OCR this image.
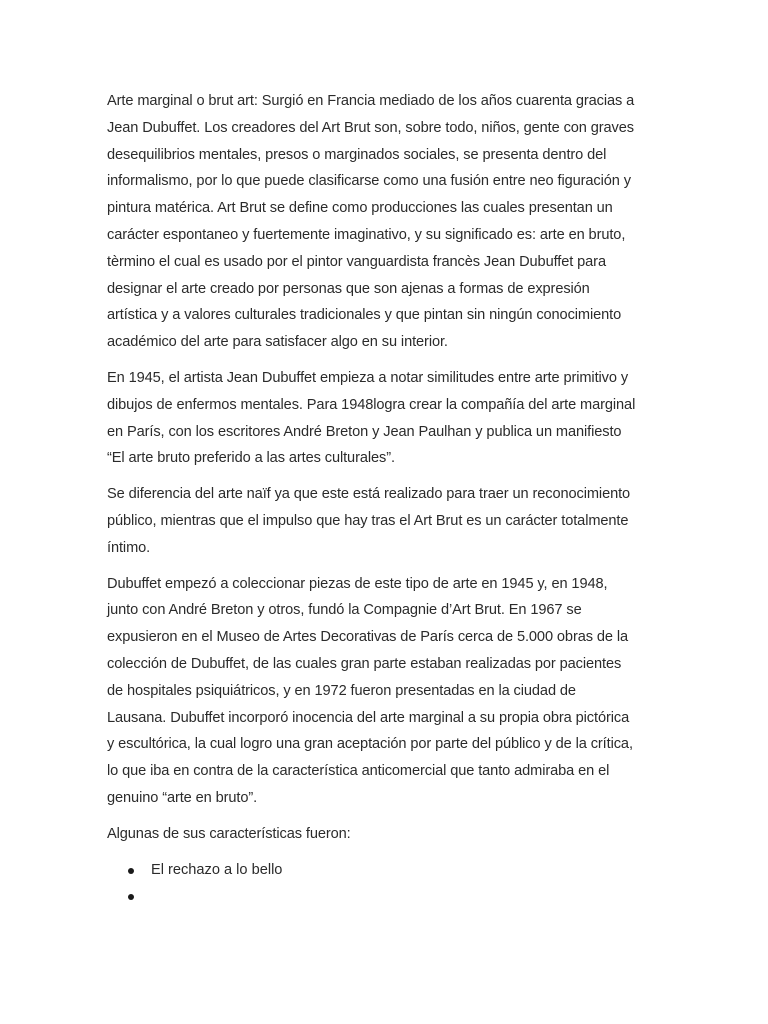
Arte marginal o brut art: Surgió en Francia mediado de los años cuarenta gracias a
Jean Dubuffet. Los creadores del Art Brut son, sobre todo, niños, gente con graves
desequilibrios mentales, presos o marginados sociales, se presenta dentro del
informalismo, por lo que puede clasificarse como una fusión entre neo figuración y
pintura matérica. Art Brut se define como producciones las cuales presentan un
carácter espontaneo y fuertemente imaginativo, y su significado es: arte en bruto,
tèrmino el cual es usado por el pintor vanguardista francès Jean Dubuffet para
designar el arte creado por personas que son ajenas a formas de expresión
artística y a valores culturales tradicionales y que pintan sin ningún conocimiento
académico del arte para satisfacer algo en su interior.

En 1945, el artista Jean Dubuffet empieza a notar similitudes entre arte primitivo y
dibujos de enfermos mentales. Para 1948logra crear la compañía del arte marginal
en París, con los escritores André Breton y Jean Paulhan y publica un manifiesto
“El arte bruto preferido a las artes culturales”.

Se diferencia del arte naïf ya que este está realizado para traer un reconocimiento
público, mientras que el impulso que hay tras el Art Brut es un carácter totalmente
íntimo.

Dubuffet empezó a coleccionar piezas de este tipo de arte en 1945 y, en 1948,
junto con André Breton y otros, fundó la Compagnie d’Art Brut. En 1967 se
expusieron en el Museo de Artes Decorativas de París cerca de 5.000 obras de la
colección de Dubuffet, de las cuales gran parte estaban realizadas por pacientes
de hospitales psiquiátricos, y en 1972 fueron presentadas en la ciudad de
Lausana. Dubuffet incorporó inocencia del arte marginal a su propia obra pictórica
y escultórica, la cual logro una gran aceptación por parte del público y de la crítica,
lo que iba en contra de la característica anticomercial que tanto admiraba en el
genuino “arte en bruto”.

Algunas de sus características fueron:

El rechazo a lo bello
